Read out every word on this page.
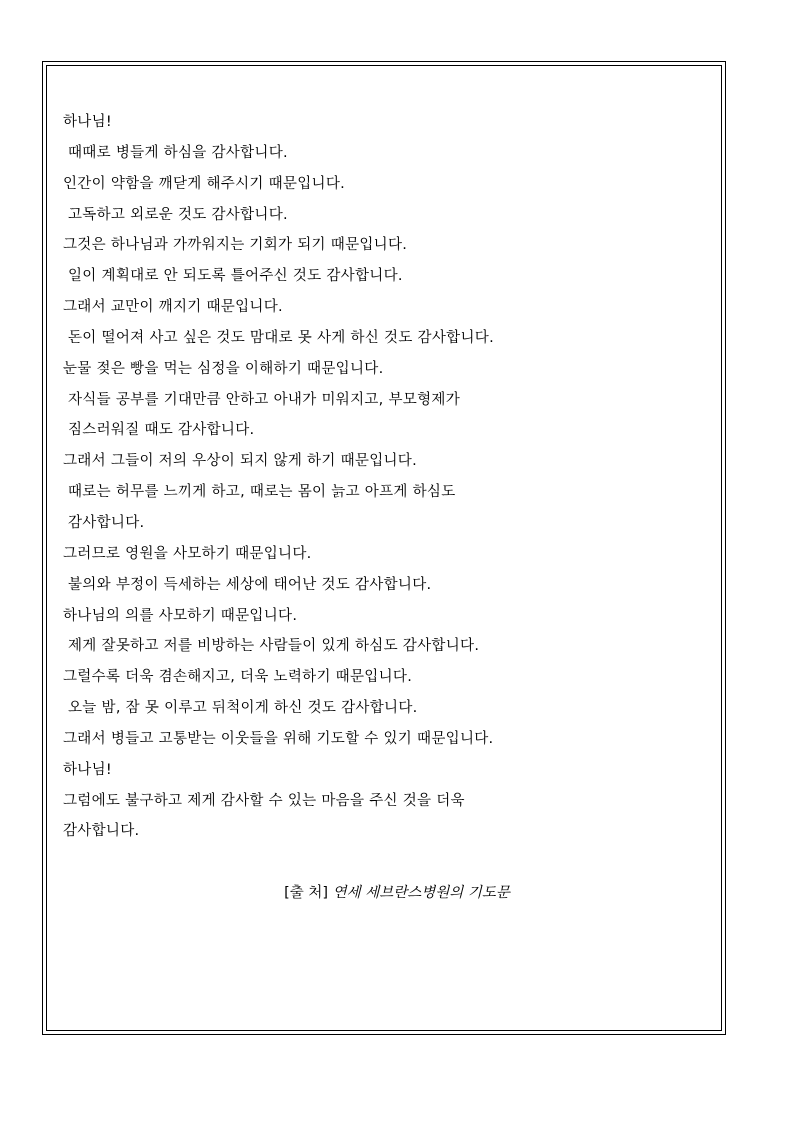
하나님!
때때로 병들게 하심을 감사합니다.
인간이 약함을 깨닫게 해주시기 때문입니다.
고독하고 외로운 것도 감사합니다.
그것은 하나님과 가까워지는 기회가 되기 때문입니다.
일이 계획대로 안 되도록 틀어주신 것도 감사합니다.
그래서 교만이 깨지기 때문입니다.
돈이 떨어져 사고 싶은 것도 맘대로 못 사게 하신 것도 감사합니다.
눈물 젖은 빵을 먹는 심정을 이해하기 때문입니다.
자식들 공부를 기대만큼 안하고 아내가 미워지고, 부모형제가
짐스러워질 때도 감사합니다.
그래서 그들이 저의 우상이 되지 않게 하기 때문입니다.
때로는 허무를 느끼게 하고, 때로는 몸이 늙고 아프게 하심도
감사합니다.
그러므로 영원을 사모하기 때문입니다.
불의와 부정이 득세하는 세상에 태어난 것도 감사합니다.
하나님의 의를 사모하기 때문입니다.
제게 잘못하고 저를 비방하는 사람들이 있게 하심도 감사합니다.
그럴수록 더욱 겸손해지고, 더욱 노력하기 때문입니다.
오늘 밤, 잠 못 이루고 뒤척이게 하신 것도 감사합니다.
그래서 병들고 고통받는 이웃들을 위해 기도할 수 있기 때문입니다.
하나님!
그럼에도 불구하고 제게 감사할 수 있는 마음을 주신 것을 더욱
감사합니다.
[출 처] 연세 세브란스병원의 기도문
